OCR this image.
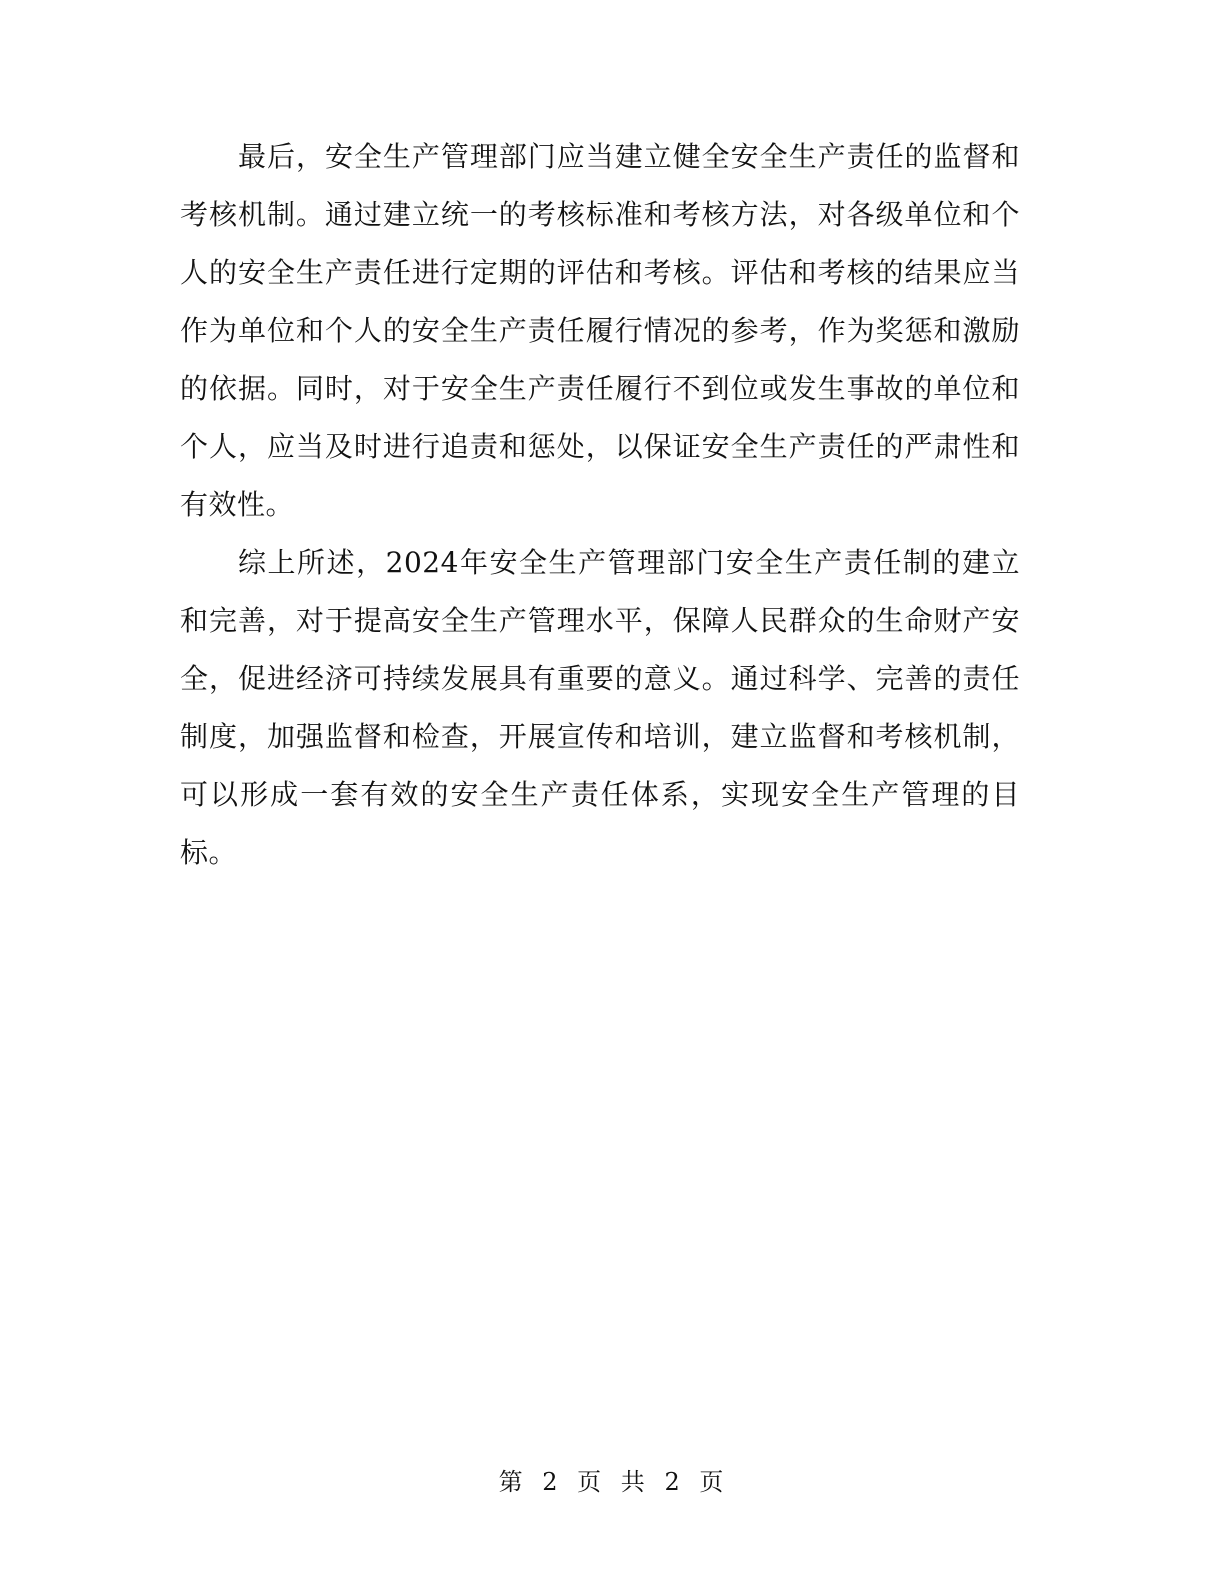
最后，安全生产管理部门应当建立健全安全生产责任的监督和考核机制。通过建立统一的考核标准和考核方法，对各级单位和个人的安全生产责任进行定期的评估和考核。评估和考核的结果应当作为单位和个人的安全生产责任履行情况的参考，作为奖惩和激励的依据。同时，对于安全生产责任履行不到位或发生事故的单位和个人，应当及时进行追责和惩处，以保证安全生产责任的严肃性和有效性。

综上所述，2024年安全生产管理部门安全生产责任制的建立和完善，对于提高安全生产管理水平，保障人民群众的生命财产安全，促进经济可持续发展具有重要的意义。通过科学、完善的责任制度，加强监督和检查，开展宣传和培训，建立监督和考核机制，可以形成一套有效的安全生产责任体系，实现安全生产管理的目标。

第 2 页 共 2 页
